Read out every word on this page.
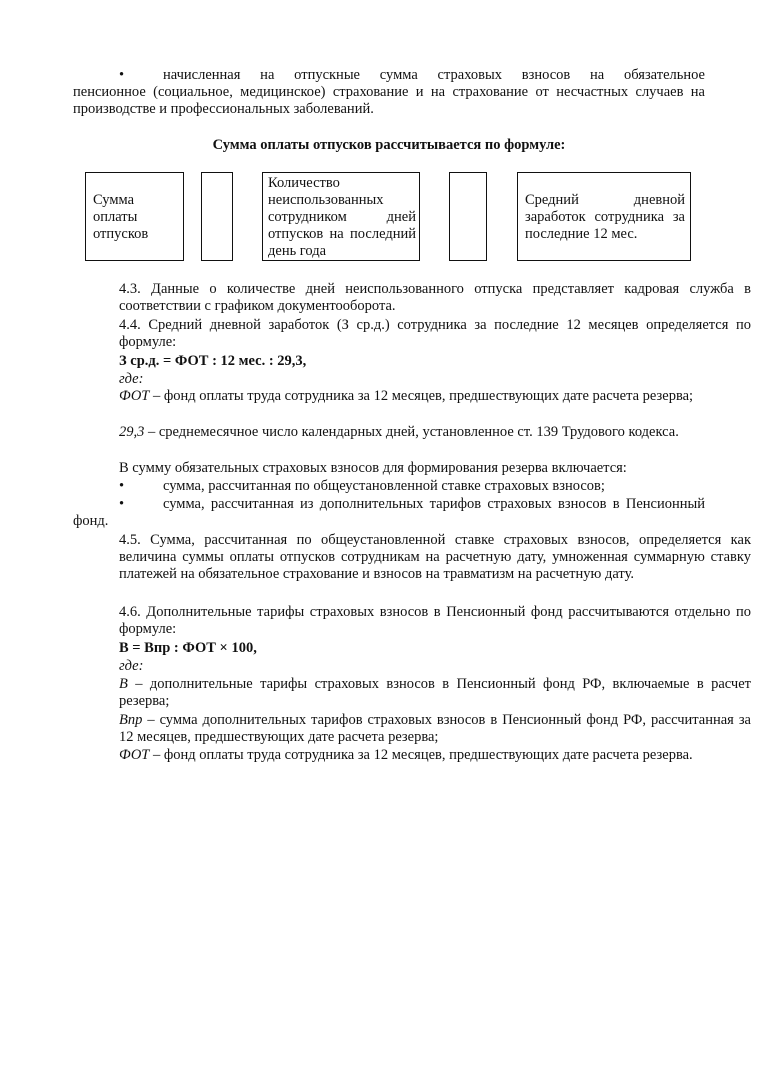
•	начисленная на отпускные сумма страховых взносов на обязательное

пенсионное (социальное, медицинское) страхование и на страхование от несчастных случаев на производстве и профессиональных заболеваний.

Сумма оплаты отпусков рассчитывается по формуле:

Сумма оплаты отпусков

Количество неиспользованных сотрудником дней отпусков на последний день года

Средний дневной заработок сотрудника за последние 12 мес.

4.3. Данные о количестве дней неиспользованного отпуска представляет кадровая служба в соответствии с графиком документооборота.

4.4. Средний дневной заработок (З ср.д.) сотрудника за последние 12 месяцев определяется по формуле:

З ср.д. = ФОТ : 12 мес. : 29,3,

где:

ФОТ – фонд оплаты труда сотрудника за 12 месяцев, предшествующих дате расчета резерва;

29,3 – среднемесячное число календарных дней, установленное ст. 139 Трудового кодекса.

В сумму обязательных страховых взносов для формирования резерва включается:

•	сумма, рассчитанная по общеустановленной ставке страховых взносов;

•	сумма, рассчитанная из дополнительных тарифов страховых взносов в Пенсионный фонд.

4.5. Сумма, рассчитанная по общеустановленной ставке страховых взносов, определяется как величина суммы оплаты отпусков сотрудникам на расчетную дату, умноженная суммарную ставку платежей на обязательное страхование и взносов на травматизм на расчетную дату.

4.6. Дополнительные тарифы страховых взносов в Пенсионный фонд рассчитываются отдельно по формуле:

В = Впр : ФОТ × 100,

где:

В – дополнительные тарифы страховых взносов в Пенсионный фонд РФ, включаемые в расчет резерва;

Впр – сумма дополнительных тарифов страховых взносов в Пенсионный фонд РФ, рассчитанная за 12 месяцев, предшествующих дате расчета резерва;

ФОТ – фонд оплаты труда сотрудника за 12 месяцев, предшествующих дате расчета резерва.
